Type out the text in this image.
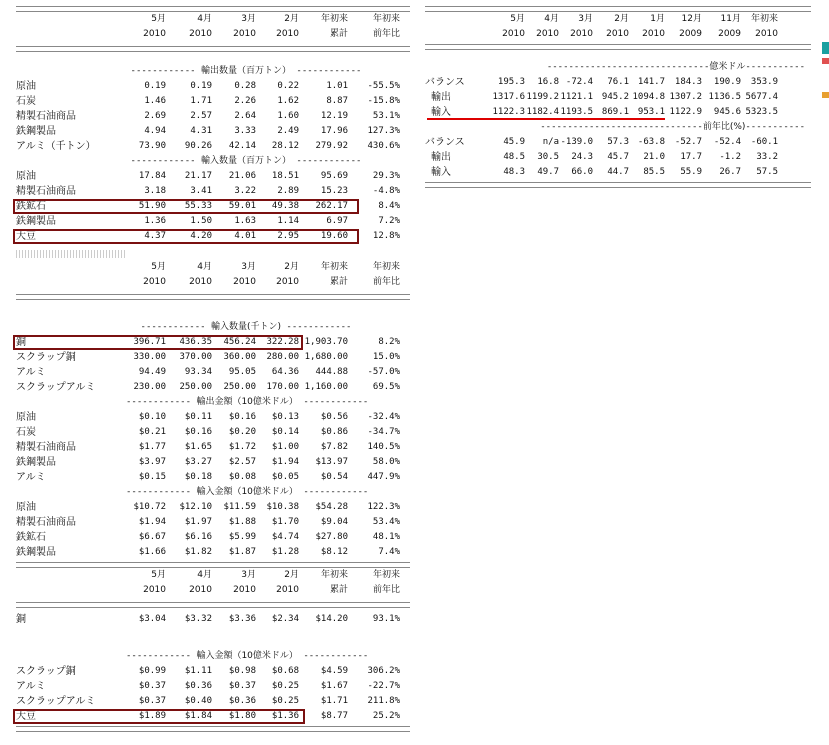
5月	4月	3月	2月 年初来	年初来
2010	2010 2010 2010	累計	前年比
------------ 輸出数量（百万トン） ------------
原油	0.19	0.19 0.28 0.22	1.01 -55.5%
石炭	1.46	1.71 2.26 1.62	8.87 -15.8%
精製石油商品	2.69	2.57 2.64 1.60 12.19	53.1%
鉄鋼製品	4.94	4.31 3.33 2.49 17.96 127.3%
アルミ（千トン）	73.90 90.26 42.14 28.12 279.92 430.6%
------------ 輸入数量（百万トン） ------------
原油	17.84 21.17 21.06 18.51 95.69	29.3%
精製石油商品	3.18	3.41 3.22 2.89 15.23	-4.8%
鉄鉱石	51.90 55.33 59.01 49.38 262.17	8.4%
鉄鋼製品	1.36	1.50 1.63 1.14	6.97	7.2%
大豆	4.37	4.20 4.01 2.95 19.60	12.8%
5月	4月	3月	2月 年初来	年初来
2010	2010 2010 2010	累計	前年比
------------ 輸入数量(千トン) ------------
銅	396.71 436.35 456.24 322.28 1,903.70	8.2%
スクラップ銅	330.00 370.00 360.00 280.00 1,680.00	15.0%
アルミ	94.49 93.34 95.05 64.36 444.88 -57.0%
スクラップアルミ	230.00 250.00 250.00 170.00 1,160.00	69.5%
------------ 輸出金額（10億米ドル） ------------
原油	$0.10 $0.11 $0.16 $0.13 $0.56 -32.4%
石炭	$0.21 $0.16 $0.20 $0.14 $0.86 -34.7%
精製石油商品	$1.77 $1.65 $1.72 $1.00 $7.82 140.5%
鉄鋼製品	$3.97 $3.27 $2.57 $1.94 $13.97	58.0%
アルミ	$0.15 $0.18 $0.08 $0.05 $0.54 447.9%
------------ 輸入金額（10億米ドル） ------------
原油	$10.72 $12.10 $11.59 $10.38 $54.28 122.3%
精製石油商品	$1.94 $1.97 $1.88 $1.70 $9.04	53.4%
鉄鉱石	$6.67 $6.16 $5.99 $4.74 $27.80	48.1%
鉄鋼製品	$1.66 $1.82 $1.87 $1.28 $8.12	7.4%
5月	4月	3月	2月 年初来	年初来
2010	2010 2010 2010	累計	前年比
銅	$3.04 $3.32 $3.36 $2.34 $14.20	93.1%
------------ 輸入金額（10億米ドル） ------------
スクラップ銅	$0.99 $1.11 $0.98 $0.68 $4.59 306.2%
アルミ	$0.37 $0.36 $0.37 $0.25 $1.67 -22.7%
スクラップアルミ	$0.37 $0.40 $0.36 $0.25 $1.71 211.8%
大豆	$1.89 $1.84 $1.80 $1.36 $8.77	25.2%
5月 4月 3月 2月 1月 12月 11月 年初来
2010 2010 2010 2010 2010 2009 2009 2010
------------------------------億米ドル-----------
バランス	195.3 16.8 -72.4 76.1 141.7 184.3 190.9 353.9
輸出	1317.6 1199.2 1121.1 945.2 1094.8 1307.2 1136.5 5677.4
輸入	1122.3 1182.4 1193.5 869.1 953.1 1122.9 945.6 5323.5
------------------------------前年比(%)-----------
バランス	45.9 n/a -139.0 57.3 -63.8 -52.7 -52.4 -60.1
輸出	48.5 30.5 24.3 45.7 21.0 17.7 -1.2 33.2
輸入	48.3 49.7 66.0 44.7 85.5 55.9 26.7 57.5
